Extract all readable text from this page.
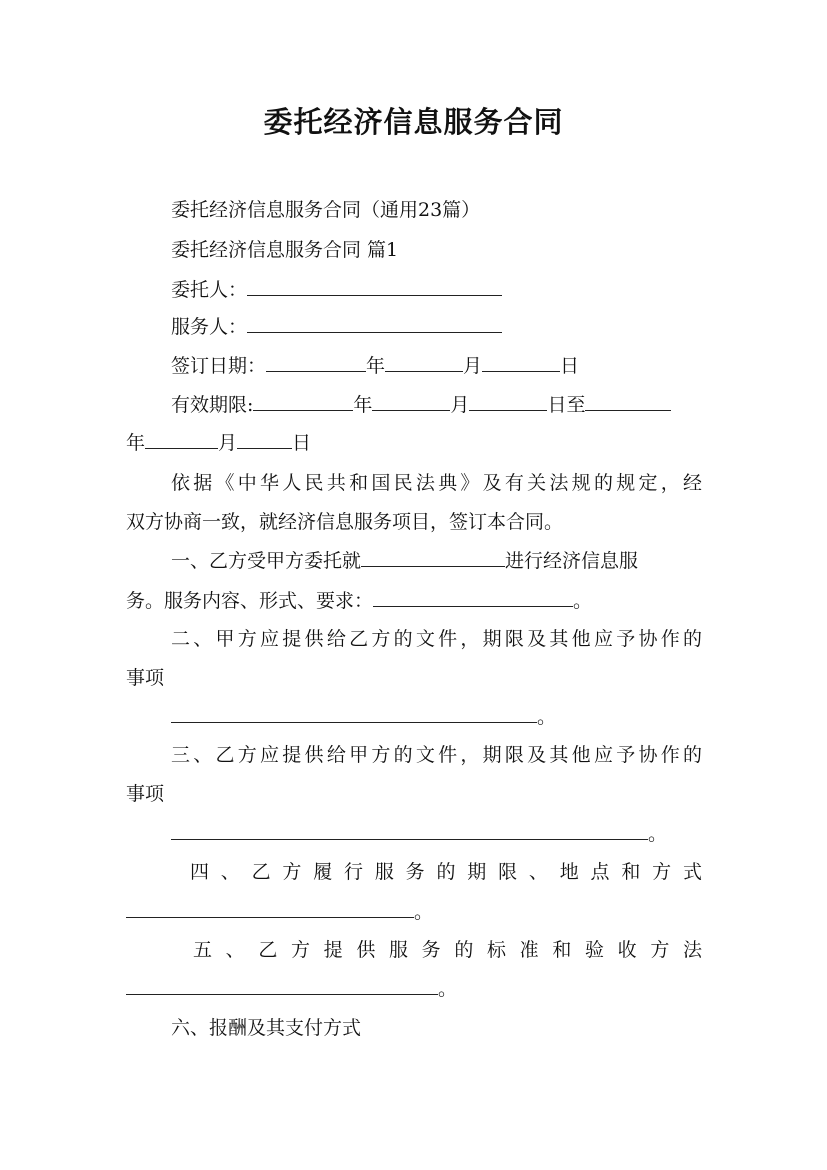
委托经济信息服务合同
委托经济信息服务合同（通用23篇）
委托经济信息服务合同 篇1
委托人：
服务人：
签订日期：	年	月	日
有效期限:	年	月	日至
年	月	日
依据《中华人民共和国民法典》及有关法规的规定，经
双方协商一致，就经济信息服务项目，签订本合同。
一、乙方受甲方委托就	进行经济信息服
务。服务内容、形式、要求：	。
二、甲方应提供给乙方的文件，期限及其他应予协作的
事项
。
三、乙方应提供给甲方的文件，期限及其他应予协作的
事项
。
四、乙方履行服务的期限、地点和方式
。
五、乙方提供服务的标准和验收方法
。
六、报酬及其支付方式
